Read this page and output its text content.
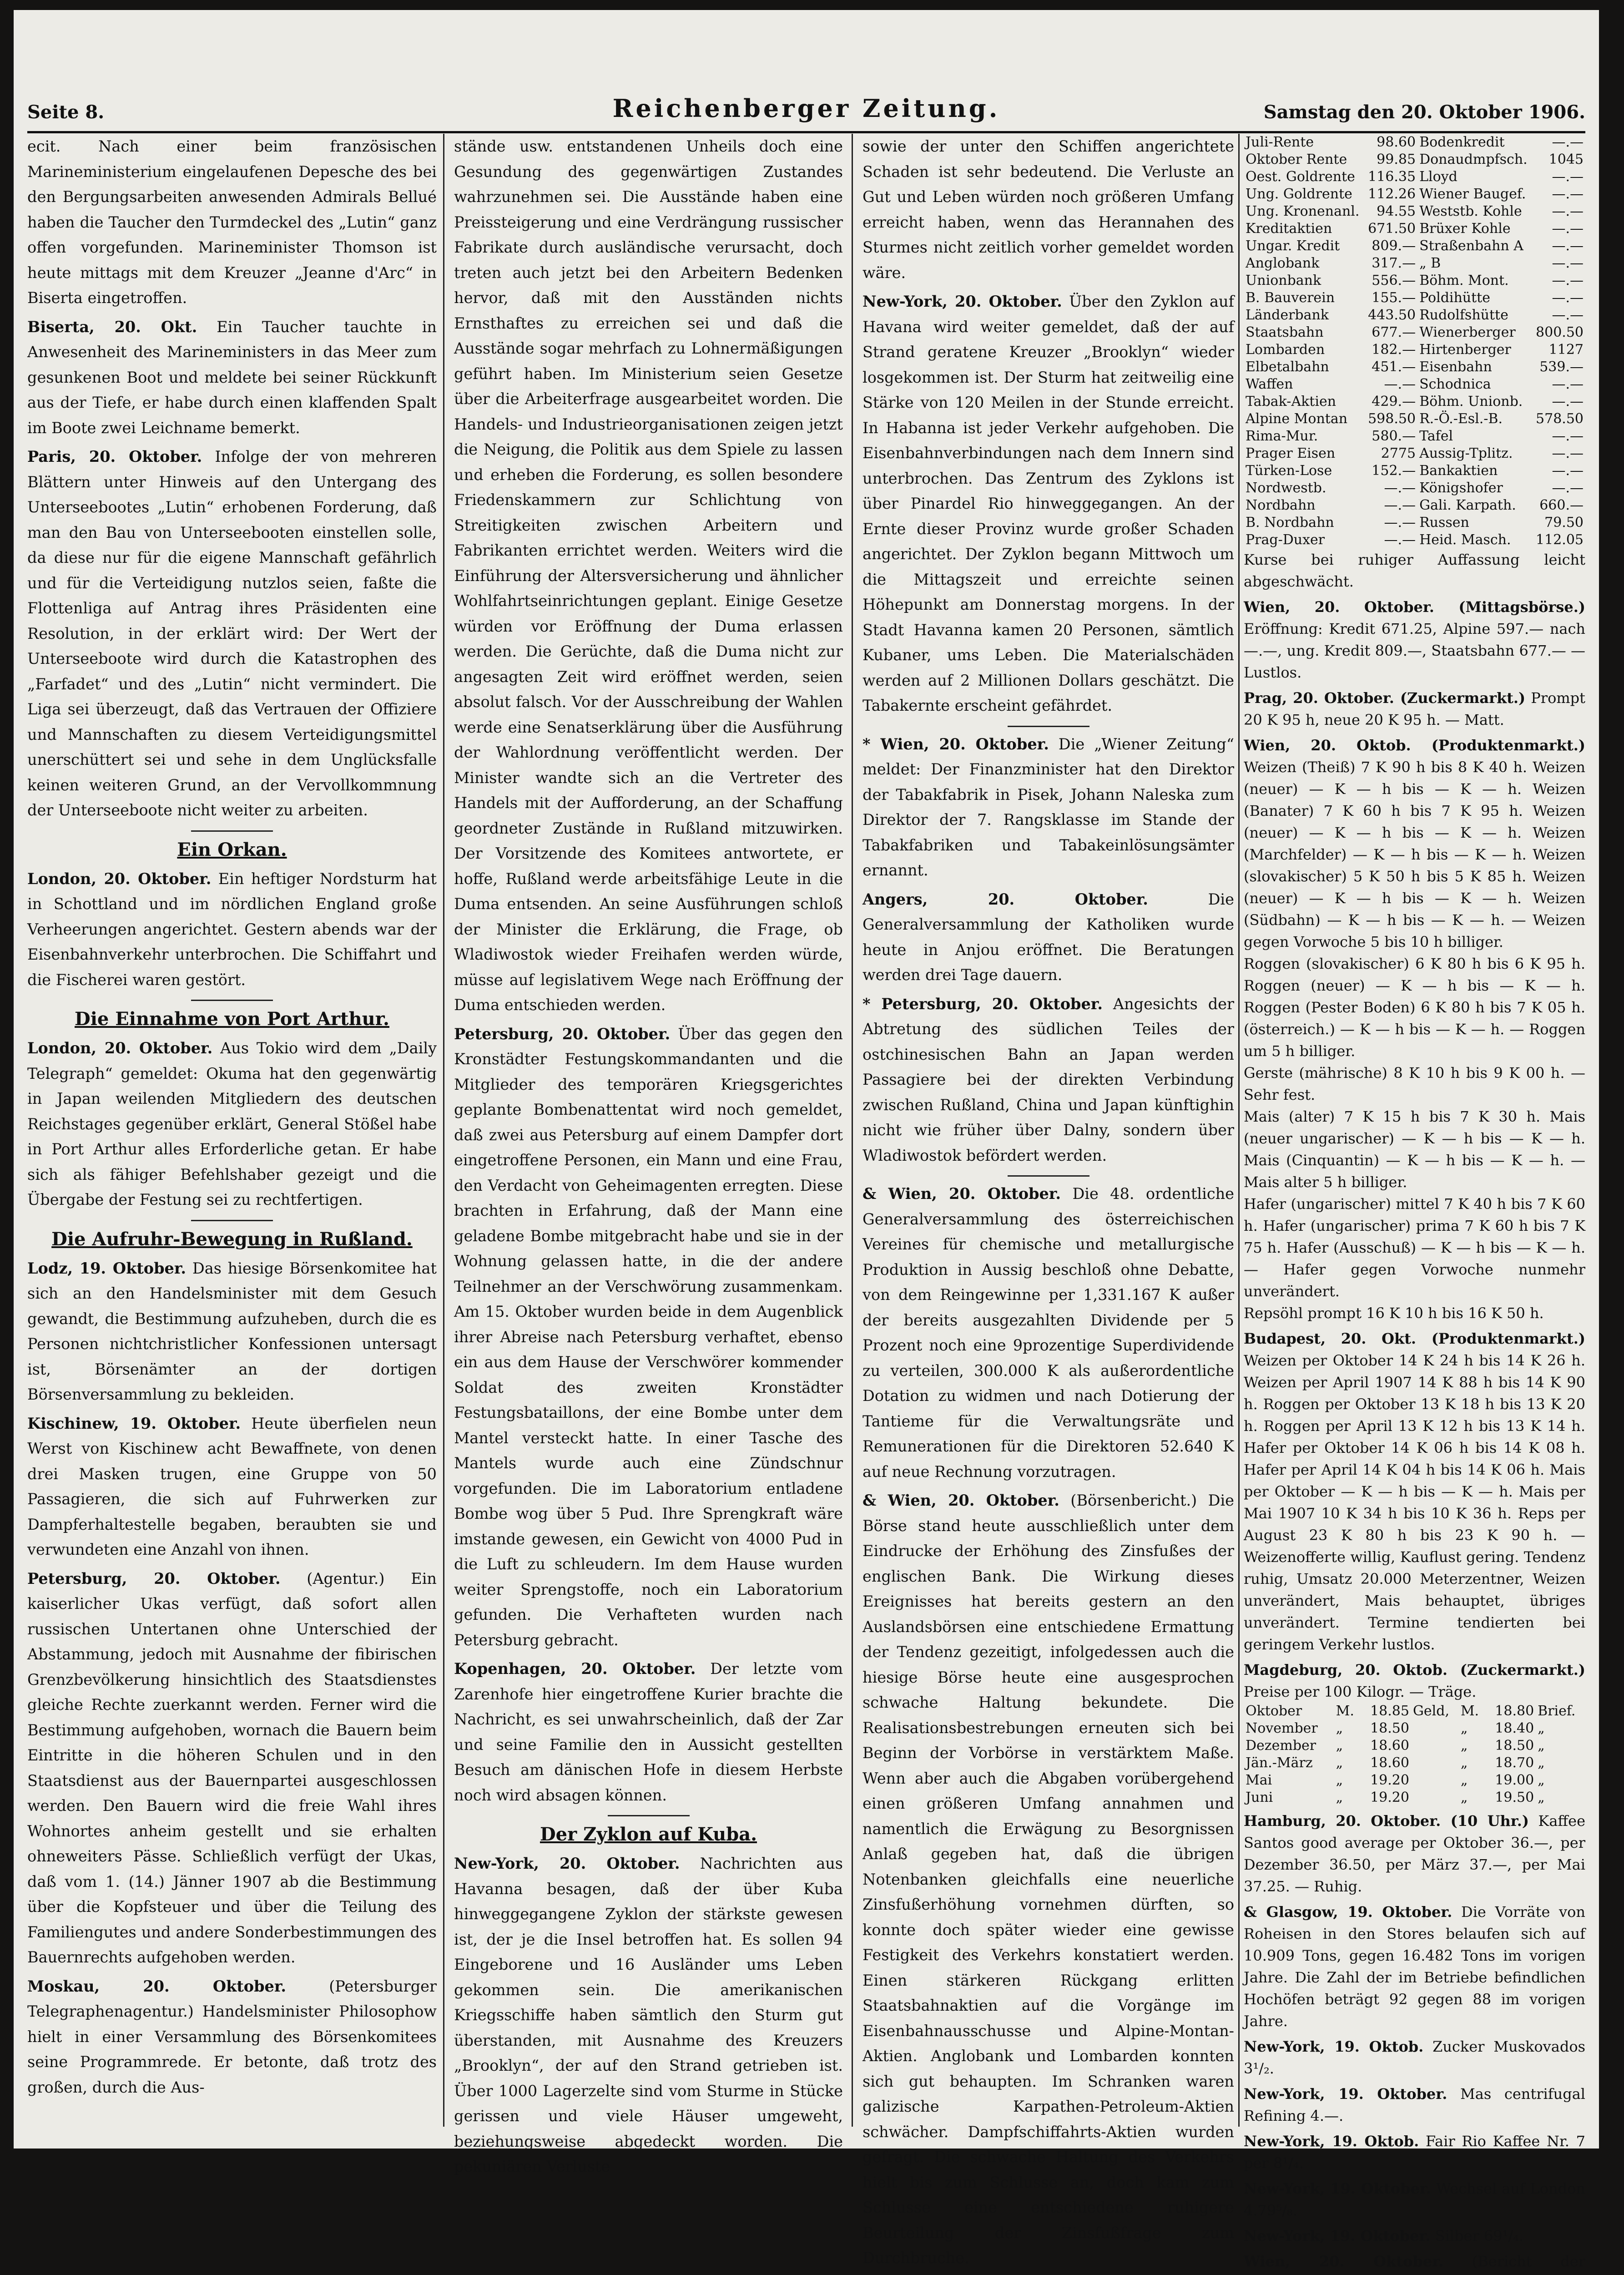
Seite 8.	Reichenberger Zeitung.	Samstag den 20. Oktober 1906.

ecit. Nach einer beim französischen Marineministerium eingelaufenen Depesche des bei den Bergungsarbeiten anwesenden Admirals Bellué haben die Taucher den Turmdeckel des „Lutin“ ganz offen vorgefunden. Marineminister Thomson ist heute mittags mit dem Kreuzer „Jeanne d'Arc“ in Biserta eingetroffen.

Biserta, 20. Okt. Ein Taucher tauchte in Anwesenheit des Marineministers in das Meer zum gesunkenen Boot und meldete bei seiner Rückkunft aus der Tiefe, er habe durch einen klaffenden Spalt im Boote zwei Leichname bemerkt.

Paris, 20. Oktober. Infolge der von mehreren Blättern unter Hinweis auf den Untergang des Unterseebootes „Lutin“ erhobenen Forderung, daß man den Bau von Unterseebooten einstellen solle, da diese nur für die eigene Mannschaft gefährlich und für die Verteidigung nutzlos seien, faßte die Flottenliga auf Antrag ihres Präsidenten eine Resolution, in der erklärt wird: Der Wert der Unterseeboote wird durch die Katastrophen des „Farfadet“ und des „Lutin“ nicht vermindert. Die Liga sei überzeugt, daß das Vertrauen der Offiziere und Mannschaften zu diesem Verteidigungsmittel unerschüttert sei und sehe in dem Unglücksfalle keinen weiteren Grund, an der Vervollkommnung der Unterseeboote nicht weiter zu arbeiten.

Ein Orkan.

London, 20. Oktober. Ein heftiger Nordsturm hat in Schottland und im nördlichen England große Verheerungen angerichtet. Gestern abends war der Eisenbahnverkehr unterbrochen. Die Schiffahrt und die Fischerei waren gestört.

Die Einnahme von Port Arthur.

London, 20. Oktober. Aus Tokio wird dem „Daily Telegraph“ gemeldet: Okuma hat den gegenwärtig in Japan weilenden Mitgliedern des deutschen Reichstages gegenüber erklärt, General Stößel habe in Port Arthur alles Erforderliche getan. Er habe sich als fähiger Befehlshaber gezeigt und die Übergabe der Festung sei zu rechtfertigen.

Die Aufruhr-Bewegung in Rußland.

Lodz, 19. Oktober. Das hiesige Börsenkomitee hat sich an den Handelsminister mit dem Gesuch gewandt, die Bestimmung aufzuheben, durch die es Personen nichtchristlicher Konfessionen untersagt ist, Börsenämter an der dortigen Börsenversammlung zu bekleiden.

Kischinew, 19. Oktober. Heute überfielen neun Werst von Kischinew acht Bewaffnete, von denen drei Masken trugen, eine Gruppe von 50 Passagieren, die sich auf Fuhrwerken zur Dampferhaltestelle begaben, beraubten sie und verwundeten eine Anzahl von ihnen.

Petersburg, 20. Oktober. (Agentur.) Ein kaiserlicher Ukas verfügt, daß sofort allen russischen Untertanen ohne Unterschied der Abstammung, jedoch mit Ausnahme der fibirischen Grenzbevölkerung hinsichtlich des Staatsdienstes gleiche Rechte zuerkannt werden. Ferner wird die Bestimmung aufgehoben, wornach die Bauern beim Eintritte in die höheren Schulen und in den Staatsdienst aus der Bauernpartei ausgeschlossen werden. Den Bauern wird die freie Wahl ihres Wohnortes anheim gestellt und sie erhalten ohneweiters Pässe. Schließlich verfügt der Ukas, daß vom 1. (14.) Jänner 1907 ab die Bestimmung über die Kopfsteuer und über die Teilung des Familiengutes und andere Sonderbestimmungen des Bauernrechts aufgehoben werden.

Moskau, 20. Oktober.	(Petersburger Telegraphenagentur.) Handelsminister Philosophow hielt in einer Versammlung des Börsenkomitees seine Programmrede. Er betonte, daß trotz des großen, durch die Aus-

stände usw. entstandenen Unheils doch eine Gesundung des gegenwärtigen Zustandes wahrzunehmen sei. Die Ausstände haben eine Preissteigerung und eine Verdrängung russischer Fabrikate durch ausländische verursacht, doch treten auch jetzt bei den Arbeitern Bedenken hervor, daß mit den Ausständen nichts Ernsthaftes zu erreichen sei und daß die Ausstände sogar mehrfach zu Lohnermäßigungen geführt haben. Im Ministerium seien Gesetze über die Arbeiterfrage ausgearbeitet worden. Die Handels- und Industrieorganisationen zeigen jetzt die Neigung, die Politik aus dem Spiele zu lassen und erheben die Forderung, es sollen besondere Friedenskammern zur Schlichtung von Streitigkeiten zwischen Arbeitern und Fabrikanten errichtet werden. Weiters wird die Einführung der Altersversicherung und ähnlicher Wohlfahrtseinrichtungen geplant. Einige Gesetze würden vor Eröffnung der Duma erlassen werden. Die Gerüchte, daß die Duma nicht zur angesagten Zeit wird eröffnet werden, seien absolut falsch. Vor der Ausschreibung der Wahlen werde eine Senatserklärung über die Ausführung der Wahlordnung veröffentlicht werden. Der Minister wandte sich an die Vertreter des Handels mit der Aufforderung, an der Schaffung geordneter Zustände in Rußland mitzuwirken. Der Vorsitzende des Komitees antwortete, er hoffe, Rußland werde arbeitsfähige Leute in die Duma entsenden. An seine Ausführungen schloß der Minister die Erklärung, die Frage, ob Wladiwostok wieder Freihafen werden würde, müsse auf legislativem Wege nach Eröffnung der Duma entschieden werden.

Petersburg, 20. Oktober. Über das gegen den Kronstädter Festungskommandanten und die Mitglieder des temporären Kriegsgerichtes geplante Bombenattentat wird noch gemeldet, daß zwei aus Petersburg auf einem Dampfer dort eingetroffene Personen, ein Mann und eine Frau, den Verdacht von Geheimagenten erregten. Diese brachten in Erfahrung, daß der Mann eine geladene Bombe mitgebracht habe und sie in der Wohnung gelassen hatte, in die der andere Teilnehmer an der Verschwörung zusammenkam. Am 15. Oktober wurden beide in dem Augenblick ihrer Abreise nach Petersburg verhaftet, ebenso ein aus dem Hause der Verschwörer kommender Soldat des zweiten Kronstädter Festungsbataillons, der eine Bombe unter dem Mantel versteckt hatte. In einer Tasche des Mantels wurde auch eine Zündschnur vorgefunden. Die im Laboratorium entladene Bombe wog über 5 Pud. Ihre Sprengkraft wäre imstande gewesen, ein Gewicht von 4000 Pud in die Luft zu schleudern. Im dem Hause wurden weiter Sprengstoffe, noch ein Laboratorium gefunden. Die Verhafteten wurden nach Petersburg gebracht.

Kopenhagen, 20. Oktober. Der letzte vom Zarenhofe hier eingetroffene Kurier brachte die Nachricht, es sei unwahrscheinlich, daß der Zar und seine Familie den in Aussicht gestellten Besuch am dänischen Hofe in diesem Herbste noch wird absagen können.

Der Zyklon auf Kuba.

New-York, 20. Oktober. Nachrichten aus Havanna besagen, daß der über Kuba hinweggegangene Zyklon der stärkste gewesen ist, der je die Insel betroffen hat. Es sollen 94 Eingeborene und 16 Ausländer ums Leben gekommen sein. Die amerikanischen Kriegsschiffe haben sämtlich den Sturm gut überstanden, mit Ausnahme des Kreuzers „Brooklyn“, der auf den Strand getrieben ist. Über 1000 Lagerzelte sind vom Sturme in Stücke gerissen und viele Häuser umgeweht, beziehungsweise abgedeckt worden. Die pekuniären Verluste

sowie der unter den Schiffen angerichtete Schaden ist sehr bedeutend. Die Verluste an Gut und Leben würden noch größeren Umfang erreicht haben, wenn das Herannahen des Sturmes nicht zeitlich vorher gemeldet worden wäre.

New-York, 20. Oktober. Über den Zyklon auf Havana wird weiter gemeldet, daß der auf Strand geratene Kreuzer „Brooklyn“ wieder losgekommen ist. Der Sturm hat zeitweilig eine Stärke von 120 Meilen in der Stunde erreicht. In Habanna ist jeder Verkehr aufgehoben. Die Eisenbahnverbindungen nach dem Innern sind unterbrochen. Das Zentrum des Zyklons ist über Pinardel Rio hinweggegangen. An der Ernte dieser Provinz wurde großer Schaden angerichtet. Der Zyklon begann Mittwoch um die Mittagszeit und erreichte seinen Höhepunkt am Donnerstag morgens. In der Stadt Havanna kamen 20 Personen, sämtlich Kubaner, ums Leben. Die Materialschäden werden auf 2 Millionen Dollars geschätzt. Die Tabakernte erscheint gefährdet.

* Wien, 20. Oktober. Die „Wiener Zeitung“ meldet: Der Finanzminister hat den Direktor der Tabakfabrik in Pisek, Johann Naleska zum Direktor der 7. Rangsklasse im Stande der Tabakfabriken und Tabakeinlösungsämter ernannt.

Angers, 20. Oktober.	Die Generalversammlung der Katholiken wurde heute in Anjou eröffnet. Die Beratungen werden drei Tage dauern.

* Petersburg, 20. Oktober. Angesichts der Abtretung des südlichen Teiles der ostchinesischen Bahn an Japan werden Passagiere bei der direkten Verbindung zwischen Rußland, China und Japan künftighin nicht wie früher über Dalny, sondern über Wladiwostok befördert werden.

& Wien, 20. Oktober. Die 48. ordentliche Generalversammlung des österreichischen Vereines für chemische und metallurgische Produktion in Aussig beschloß ohne Debatte, von dem Reingewinne per 1,331.167 K außer der bereits ausgezahlten Dividende per 5 Prozent noch eine 9prozentige Superdividende zu verteilen, 300.000 K als außerordentliche Dotation zu widmen und nach Dotierung der Tantieme für die Verwaltungsräte und Remunerationen für die Direktoren 52.640 K auf neue Rechnung vorzutragen.

& Wien, 20. Oktober. (Börsenbericht.) Die Börse stand heute ausschließlich unter dem Eindrucke der Erhöhung des Zinsfußes der englischen Bank. Die Wirkung dieses Ereignisses hat bereits gestern an den Auslandsbörsen eine entschiedene Ermattung der Tendenz gezeitigt, infolgedessen auch die hiesige Börse heute eine ausgesprochen schwache Haltung bekundete. Die Realisationsbestrebungen erneuten sich bei Beginn der Vorbörse in verstärktem Maße. Wenn aber auch die Abgaben vorübergehend einen größeren Umfang annahmen und namentlich die Erwägung zu Besorgnissen Anlaß gegeben hat, daß die übrigen Notenbanken gleichfalls eine neuerliche Zinsfußerhöhung vornehmen dürften, so konnte doch später wieder eine gewisse Festigkeit des Verkehrs konstatiert werden. Einen stärkeren Rückgang erlitten Staatsbahnaktien auf die Vorgänge im Eisenbahnausschusse und Alpine-Montan-Aktien. Anglobank und Lombarden konnten sich gut behaupten. Im Schranken waren galizische Karpathen-Petroleum-Aktien schwächer. Dampfschiffahrts-Aktien wurden gefragt. Die schwache Haltung des Verkehrs hielt bis zum Schlusse an, doch kam zum Schlusse eine entschiedene ruhigere Beurteilung der Zinsfußfrage zum Durchbruche.

Juli-Rente	98.60	Bodenkredit	—.—
Oktober Rente	99.85	Donaudmpfsch.	1045
Oest. Goldrente	116.35	Lloyd	—.—
Ung. Goldrente	112.26	Wiener Baugef.	—.—
Ung. Kronenanl.	94.55	Weststb. Kohle	—.—
Kreditaktien	671.50	Brüxer Kohle	—.—
Ungar. Kredit	809.—	Straßenbahn A	—.—
Anglobank	317.—	„ B	—.—
Unionbank	556.—	Böhm. Mont.	—.—
B. Bauverein	155.—	Poldihütte	—.—
Länderbank	443.50	Rudolfshütte	—.—
Staatsbahn	677.—	Wienerberger	800.50
Lombarden	182.—	Hirtenberger	1127
Elbetalbahn	451.—	Eisenbahn	539.—
Waffen	—.—	Schodnica	—.—
Tabak-Aktien	429.—	Böhm. Unionb.	—.—
Alpine Montan	598.50	R.-Ö.-Esl.-B.	578.50
Rima-Mur.	580.—	Tafel	—.—
Prager Eisen	2775	Aussig-Tplitz.	—.—
Türken-Lose	152.—	Bankaktien	—.—
Nordwestb.	—.—	Königshofer	—.—
Nordbahn	—.—	Gali. Karpath.	660.—
B. Nordbahn	—.—	Russen	79.50
Prag-Duxer	—.—	Heid. Masch.	112.05

Kurse bei ruhiger Auffassung leicht abgeschwächt.

Wien, 20. Oktober. (Mittagsbörse.) Eröffnung: Kredit 671.25, Alpine 597.— nach —.—, ung. Kredit 809.—, Staatsbahn 677.— — Lustlos.

Prag, 20. Oktober. (Zuckermarkt.) Prompt 20 K 95 h, neue 20 K 95 h. — Matt.

Wien, 20. Oktob. (Produktenmarkt.) Weizen (Theiß) 7 K 90 h bis 8 K 40 h. Weizen (neuer) — K — h bis — K — h. Weizen (Banater) 7 K 60 h bis 7 K 95 h. Weizen (neuer) — K — h bis — K — h. Weizen (Marchfelder) — K — h bis — K — h. Weizen (slovakischer) 5 K 50 h bis 5 K 85 h. Weizen (neuer) — K — h bis — K — h. Weizen (Südbahn) — K — h bis — K — h. — Weizen gegen Vorwoche 5 bis 10 h billiger.

Roggen (slovakischer) 6 K 80 h bis 6 K 95 h. Roggen (neuer) — K — h bis — K — h. Roggen (Pester Boden) 6 K 80 h bis 7 K 05 h. (österreich.) — K — h bis — K — h. — Roggen um 5 h billiger.

Gerste (mährische) 8 K 10 h bis 9 K 00 h. — Sehr fest.

Mais (alter) 7 K 15 h bis 7 K 30 h. Mais (neuer ungarischer) — K — h bis — K — h. Mais (Cinquantin) — K — h bis — K — h. — Mais alter 5 h billiger.

Hafer (ungarischer) mittel 7 K 40 h bis 7 K 60 h. Hafer (ungarischer) prima 7 K 60 h bis 7 K 75 h. Hafer (Ausschuß) — K — h bis — K — h. — Hafer gegen Vorwoche nunmehr unverändert.

Repsöhl prompt 16 K 10 h bis 16 K 50 h.

Budapest, 20. Okt. (Produktenmarkt.) Weizen per Oktober 14 K 24 h bis 14 K 26 h. Weizen per April 1907 14 K 88 h bis 14 K 90 h. Roggen per Oktober 13 K 18 h bis 13 K 20 h. Roggen per April 13 K 12 h bis 13 K 14 h. Hafer per Oktober 14 K 06 h bis 14 K 08 h. Hafer per April 14 K 04 h bis 14 K 06 h. Mais per Oktober — K — h bis — K — h. Mais per Mai 1907 10 K 34 h bis 10 K 36 h. Reps per August 23 K 80 h bis 23 K 90 h. — Weizenofferte willig, Kauflust gering. Tendenz ruhig, Umsatz 20.000 Meterzentner, Weizen unverändert, Mais behauptet, übriges unverändert. Termine tendierten bei geringem Verkehr lustlos.

Magdeburg, 20. Oktob. (Zuckermarkt.) Preise per 100 Kilogr. — Träge.

Oktober	M.	18.85	Geld,	M.	18.80	Brief.
November	„	18.50		„	18.40	„
Dezember	„	18.60		„	18.50	„
Jän.-März	„	18.60		„	18.70	„
Mai	„	19.20		„	19.00	„
Juni	„	19.20		„	19.50	„

Hamburg, 20. Oktober. (10 Uhr.) Kaffee Santos good average per Oktober 36.—, per Dezember 36.50, per März 37.—, per Mai 37.25. — Ruhig.

& Glasgow, 19. Oktober. Die Vorräte von Roheisen in den Stores belaufen sich auf 10.909 Tons, gegen 16.482 Tons im vorigen Jahre. Die Zahl der im Betriebe befindlichen Hochöfen beträgt 92 gegen 88 im vorigen Jahre.

New-York, 19. Oktob. Zucker Muskovados 3¹/₂.

New-York, 19. Oktober. Mas centrifugal Refining 4.—.

New-York, 19. Oktob. Fair Rio Kaffee Nr. 7 per 8¹/₄.

New-York, 19. Oktober. Wechsel auf London 4.79⁵/₈.

New-York, 19. Oktober. Silber 69¹/₄.

Wien, 20. Oktober. (Bericht der
